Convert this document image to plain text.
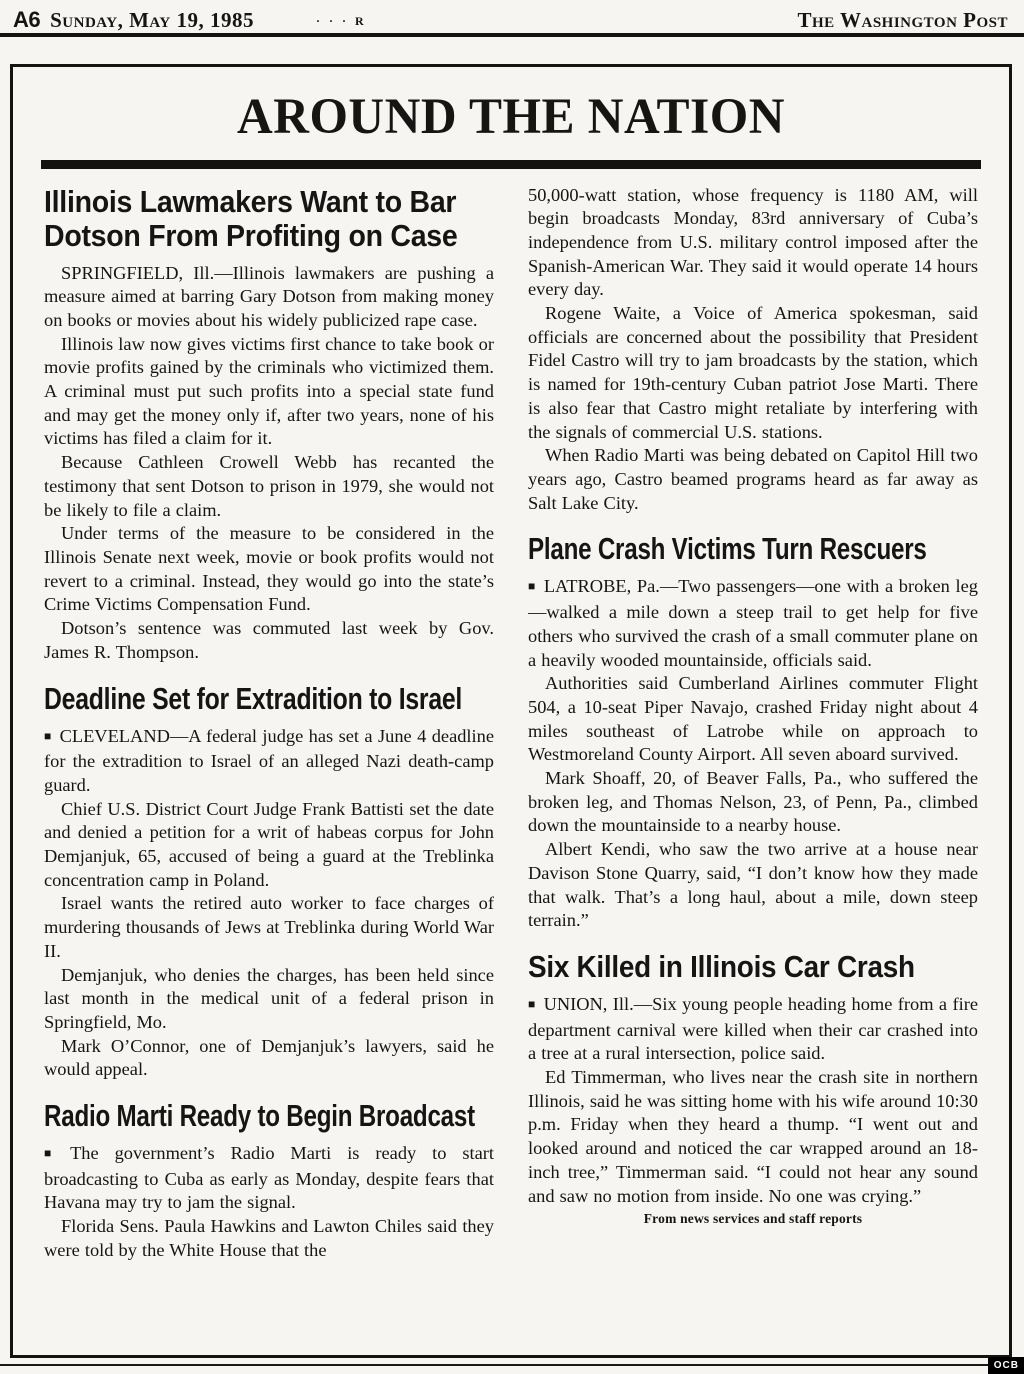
A6 Sunday, May 19, 1985	· · · R	The Washington Post
AROUND THE NATION
Illinois Lawmakers Want to Bar
Dotson From Profiting on Case

SPRINGFIELD, Ill.—Illinois lawmakers are pushing a measure aimed at barring Gary Dotson from making money on books or movies about his widely publicized rape case.

Illinois law now gives victims first chance to take book or movie profits gained by the criminals who victimized them. A criminal must put such profits into a special state fund and may get the money only if, after two years, none of his victims has filed a claim for it.

Because Cathleen Crowell Webb has recanted the testimony that sent Dotson to prison in 1979, she would not be likely to file a claim.

Under terms of the measure to be considered in the Illinois Senate next week, movie or book profits would not revert to a criminal. Instead, they would go into the state’s Crime Victims Compensation Fund.

Dotson’s sentence was commuted last week by Gov. James R. Thompson.

Deadline Set for Extradition to Israel

■ CLEVELAND—A federal judge has set a June 4 deadline for the extradition to Israel of an alleged Nazi death-camp guard.

Chief U.S. District Court Judge Frank Battisti set the date and denied a petition for a writ of habeas corpus for John Demjanjuk, 65, accused of being a guard at the Treblinka concentration camp in Poland.

Israel wants the retired auto worker to face charges of murdering thousands of Jews at Treblinka during World War II.

Demjanjuk, who denies the charges, has been held since last month in the medical unit of a federal prison in Springfield, Mo.

Mark O’Connor, one of Demjanjuk’s lawyers, said he would appeal.

Radio Marti Ready to Begin Broadcast

■ The government’s Radio Marti is ready to start broadcasting to Cuba as early as Monday, despite fears that Havana may try to jam the signal.

Florida Sens. Paula Hawkins and Lawton Chiles said they were told by the White House that the

50,000-watt station, whose frequency is 1180 AM, will begin broadcasts Monday, 83rd anniversary of Cuba’s independence from U.S. military control imposed after the Spanish-American War. They said it would operate 14 hours every day.

Rogene Waite, a Voice of America spokesman, said officials are concerned about the possibility that President Fidel Castro will try to jam broadcasts by the station, which is named for 19th-century Cuban patriot Jose Marti. There is also fear that Castro might retaliate by interfering with the signals of commercial U.S. stations.

When Radio Marti was being debated on Capitol Hill two years ago, Castro beamed programs heard as far away as Salt Lake City.

Plane Crash Victims Turn Rescuers

■ LATROBE, Pa.—Two passengers—one with a broken leg—walked a mile down a steep trail to get help for five others who survived the crash of a small commuter plane on a heavily wooded mountainside, officials said.

Authorities said Cumberland Airlines commuter Flight 504, a 10-seat Piper Navajo, crashed Friday night about 4 miles southeast of Latrobe while on approach to Westmoreland County Airport. All seven aboard survived.

Mark Shoaff, 20, of Beaver Falls, Pa., who suffered the broken leg, and Thomas Nelson, 23, of Penn, Pa., climbed down the mountainside to a nearby house.

Albert Kendi, who saw the two arrive at a house near Davison Stone Quarry, said, “I don’t know how they made that walk. That’s a long haul, about a mile, down steep terrain.”

Six Killed in Illinois Car Crash

■ UNION, Ill.—Six young people heading home from a fire department carnival were killed when their car crashed into a tree at a rural intersection, police said.

Ed Timmerman, who lives near the crash site in northern Illinois, said he was sitting home with his wife around 10:30 p.m. Friday when they heard a thump. “I went out and looked around and noticed the car wrapped around an 18-inch tree,” Timmerman said. “I could not hear any sound and saw no motion from inside. No one was crying.”

From news services and staff reports
OCB
